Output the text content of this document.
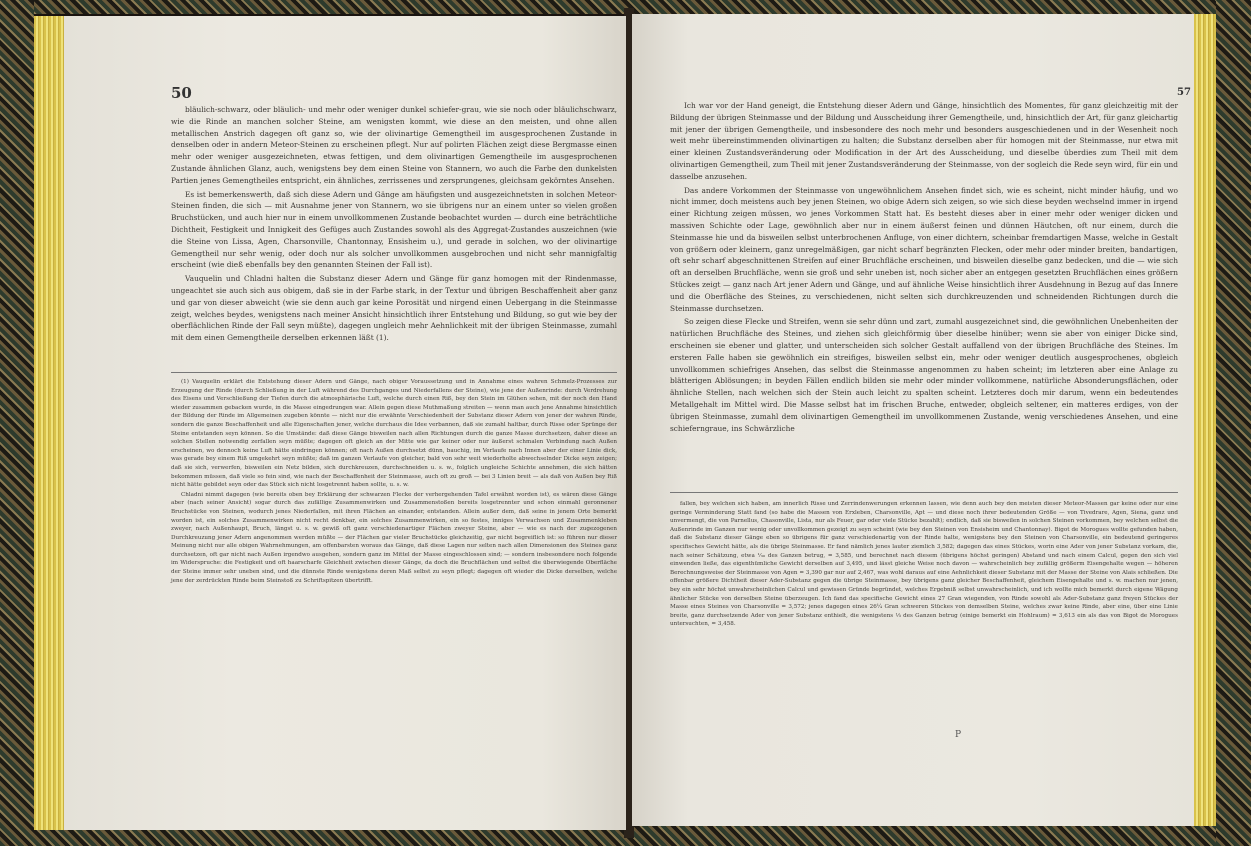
50

bläulich-schwarz, oder bläulich- und mehr oder weniger dunkel schiefer-grau, wie sie noch oder bläulichschwarz, wie die Rinde an manchen solcher Steine, am wenigsten kommt, wie diese an den meisten, und ohne allen metallischen Anstrich dagegen oft ganz so, wie der olivinartige Gemengtheil im ausgesprochenen Zustande in denselben oder in andern Meteor-Steinen zu erscheinen pflegt. Nur auf polirten Flächen zeigt diese Bergmasse einen mehr oder weniger ausgezeichneten, etwas fettigen, und dem olivinartigen Gemengtheile im ausgesprochenen Zustande ähnlichen Glanz, auch, wenigstens bey dem einen Steine von Stannern, wo auch die Farbe den dunkelsten Partien jenes Gemengtheiles entspricht, ein ähnliches, zerrissenes und zersprungenes, gleichsam gekörntes Ansehen.

Es ist bemerkenswerth, daß sich diese Adern und Gänge am häufigsten und ausgezeichnetsten in solchen Meteor-Steinen finden, die sich — mit Ausnahme jener von Stannern, wo sie übrigens nur an einem unter so vielen großen Bruchstücken, und auch hier nur in einem unvollkommenen Zustande beobachtet wurden — durch eine beträchtliche Dichtheit, Festigkeit und Innigkeit des Gefüges auch Zustandes sowohl als des Aggregat-Zustandes auszeichnen (wie die Steine von Lissa, Agen, Charsonville, Chantonnay, Ensisheim u.), und gerade in solchen, wo der olivinartige Gemengtheil nur sehr wenig, oder doch nur als solcher unvollkommen ausgebrochen und nicht sehr mannigfaltig erscheint (wie dieß ebenfalls bey den genannten Steinen der Fall ist).

Vauquelin und Chladni halten die Substanz dieser Adern und Gänge für ganz homogen mit der Rindenmasse, ungeachtet sie auch sich aus obigem, daß sie in der Farbe stark, in der Textur und übrigen Beschaffenheit aber ganz und gar von dieser abweicht (wie sie denn auch gar keine Porosität und nirgend einen Uebergang in die Steinmasse zeigt, welches beydes, wenigstens nach meiner Ansicht hinsichtlich ihrer Entstehung und Bildung, so gut wie bey der oberflächlichen Rinde der Fall seyn müßte), dagegen ungleich mehr Aehnlichkeit mit der übrigen Steinmasse, zumahl mit dem einen Gemengtheile derselben erkennen läßt (1).

(1) Vauquelin erklärt die Entstehung dieser Adern und Gänge, nach obiger Voraussetzung und in Annahme eines wahren Schmelz-Prozesses zur Erzeugung der Rinde (durch Schließung in der Luft während des Durchganges und Niederfallens der Steine), wie jene der Außenrinde: durch Verdrehung des Eisens und Verschließung der Tiefen durch die atmosphärische Luft, welche durch einen Riß, bey den Stein im Glühen sehen, mit der noch den Hand wieder zusammen gebacken wurde, in die Masse eingedrungen war. Allein gegen diese Muthmaßung streiten — wenn man auch jene Annahme hinsichtlich der Bildung der Rinde im Allgemeinen zugeben könnte — nicht nur die erwähnte Verschiedenheit der Substanz dieser Adern von jener der wahren Rinde, sondern die ganze Beschaffenheit und alle Eigenschaften jener, welche durchaus die Idee verbannen, daß sie zumahl haltbar, durch Risse oder Sprünge der Steine entstanden seyn können. So die Umstände: daß diese Gänge bisweilen nach allen Richtungen durch die ganze Masse durchsetzen, daher diese an solchen Stellen notwendig zerfallen seyn müßte; dagegen oft gleich an der Mitte wie gar keiner oder nur äußerst schmalen Verbindung nach Außen erscheinen, wo dennoch keine Luft hätte eindringen können; oft nach Außen durchsetzt dünn, bauchig, im Verlaufe nach Innen aber der einer Linie dick, was gerade bey einem Riß umgekehrt seyn müßte; daß im ganzen Verlaufe von gleicher, bald von sehr weit wiederholte abwechselnder Dicke seyn zeigen; daß sie sich, verwerfen, bisweilen ein Netz bilden, sich durchkreuzen, durchschneiden u. s. w., folglich ungleiche Schichte annehmen, die sich hätten bekommen müssen, daß viele so fein sind, wie nach der Beschaffenheit der Steinmasse, auch oft zu groß — bei 3 Linien breit — als daß von Außen bey Riß nicht hätte gebildet seyn oder das Stück sich nicht losgetrennt haben sollte, u. s. w.

Chladni nimmt dagegen (wie bereits oben bey Erklärung der schwarzen Flecke der verhergehenden Tafel erwähnt worden ist), es wären diese Gänge aber (nach seiner Ansicht) sogar durch das zufällige Zusammenwirken und Zusammenstoßen bereits losgetrennter und schon einmahl geronnener Bruchstücke von Steinen, wodurch jenes Niederfallen, mit ihren Flächen an einander, entstanden. Allein außer dem, daß seine in jenem Orte bemerkt worden ist, ein solches Zusammenwirken nicht recht denkbar, ein solches Zusammenwirken, ein so festes, inniges Verwachsen und Zusammenkleben zweyer, nach Außenhaupt, Bruch, längst u. s. w. gewiß oft ganz verschiedenartiger Flächen zweyer Steine, aber — wie es nach der zugezogenen Durchkreuzung jener Adern angenommen werden müßte — der Flächen gar vieler Bruchstücke gleichzeitig, gar nicht begreiflich ist: so führen nur dieser Meinung nicht nur alle obigen Wahrnehmungen, am offenbarsten woraus das Gänge, daß diese Lagen nur selten nach allen Dimensionen des Steines ganz durchsetzen, oft gar nicht nach Außen irgendwo ausgehen, sondern ganz im Mittel der Masse eingeschlossen sind; — sondern insbesondere noch folgende im Widerspruche: die Festigkeit und oft haarscharfe Gleichheit zwischen dieser Gänge, da doch die Bruchflächen und selbst die überwiegende Oberfläche der Steine immer sehr uneben sind, und die dünnste Rinde wenigstens deren Maß selbst zu seyn pflegt; dagegen oft wieder die Dicke derselben, welche jene der zerdrückten Rinde beim Steinstoß zu Schriftspitzen übertrifft.

57

Ich war vor der Hand geneigt, die Entstehung dieser Adern und Gänge, hinsichtlich des Momentes, für ganz gleichzeitig mit der Bildung der übrigen Steinmasse und der Bildung und Ausscheidung ihrer Gemengtheile, und, hinsichtlich der Art, für ganz gleichartig mit jener der übrigen Gemengtheile, und insbesondere des noch mehr und besonders ausgeschiedenen und in der Wesenheit noch weit mehr übereinstimmenden olivinartigen zu halten; die Substanz derselben aber für homogen mit der Steinmasse, nur etwa mit einer kleinen Zustandsveränderung oder Modification in der Art des Ausscheidung, und dieselbe überdies zum Theil mit dem olivinartigen Gemengtheil, zum Theil mit jener Zustandsveränderung der Steinmasse, von der sogleich die Rede seyn wird, für ein und dasselbe anzusehen.

Das andere Vorkommen der Steinmasse von ungewöhnlichem Ansehen findet sich, wie es scheint, nicht minder häufig, und wo nicht immer, doch meistens auch bey jenen Steinen, wo obige Adern sich zeigen, so wie sich diese beyden wechselnd immer in irgend einer Richtung zeigen müssen, wo jenes Vorkommen Statt hat. Es besteht dieses aber in einer mehr oder weniger dicken und massiven Schichte oder Lage, gewöhnlich aber nur in einem äußerst feinen und dünnen Häutchen, oft nur einem, durch die Steinmasse hie und da bisweilen selbst unterbrochenen Anfluge, von einer dichtern, scheinbar fremdartigen Masse, welche in Gestalt von größern oder kleinern, ganz unregelmäßigen, gar nicht scharf begränzten Flecken, oder mehr oder minder breiten, bandartigen, oft sehr scharf abgeschnittenen Streifen auf einer Bruchfläche erscheinen, und bisweilen dieselbe ganz bedecken, und die — wie sich oft an derselben Bruchfläche, wenn sie groß und sehr uneben ist, noch sicher aber an entgegen gesetzten Bruchflächen eines größern Stückes zeigt — ganz nach Art jener Adern und Gänge, und auf ähnliche Weise hinsichtlich ihrer Ausdehnung in Bezug auf das Innere und die Oberfläche des Steines, zu verschiedenen, nicht selten sich durchkreuzenden und schneidenden Richtungen durch die Steinmasse durchsetzen.

So zeigen diese Flecke und Streifen, wenn sie sehr dünn und zart, zumahl ausgezeichnet sind, die gewöhnlichen Unebenheiten der natürlichen Bruchfläche des Steines, und ziehen sich gleichförmig über dieselbe hinüber; wenn sie aber von einiger Dicke sind, erscheinen sie ebener und glatter, und unterscheiden sich solcher Gestalt auffallend von der übrigen Bruchfläche des Steines. Im ersteren Falle haben sie gewöhnlich ein streifiges, bisweilen selbst ein, mehr oder weniger deutlich ausgesprochenes, obgleich unvollkommen schiefriges Ansehen, das selbst die Steinmasse angenommen zu haben scheint; im letzteren aber eine Anlage zu blätterigen Ablösungen; in beyden Fällen endlich bilden sie mehr oder minder vollkommene, natürliche Absonderungsflächen, oder ähnliche Stellen, nach welchen sich der Stein auch leicht zu spalten scheint. Letzteres doch mir darum, wenn ein bedeutendes Metallgehalt im Mittel wird. Die Masse selbst hat im frischen Bruche, entweder, obgleich seltener, ein matteres erdiges, von der übrigen Steinmasse, zumahl dem olivinartigen Gemengtheil im unvollkommenen Zustande, wenig verschiedenes Ansehen, und eine schieferngraue, ins Schwärzliche

fallen, bey welchen sich haben, am innerlich Risse und Zerrindenwerungen erkennen lassen, wie denn auch bey den meisten dieser Meteor-Massen gar keine oder nur eine geringe Verminderung Statt fand (so habe die Massen von Erxleben, Charsonville, Apt — und diese noch ihrer bedeutenden Größe — von Tivedrare, Agen, Siena, ganz und unvermengt, die von Parnellus, Chasonville, Lista, nur als Feuer, gar oder viele Stücke bezahlt); endlich, daß sie bisweilen in solchen Steinen vorkommen, bey welchen selbst die Außenrinde im Ganzen nur wenig oder unvollkommen gezeigt zu seyn scheint (wie bey den Steinen von Ensisheim und Chantonnay). Bigot de Morogues wollte gefunden haben, daß die Substanz dieser Gänge eben so übrigens für ganz verschiedenartig von der Rinde halte, wenigstens bey den Steinen von Charsonville, ein bedeutend geringeres specifisches Gewicht hätte, als die übrige Steinmasse. Er fand nämlich jenes lauter ziemlich 3,582; dagegen das eines Stückes, worin eine Ader von jener Substanz vorkam, die, nach seiner Schätzung, etwa ¹⁄₃₀ des Ganzen betrug, = 3,585, und berechnet nach diesem (übrigens höchst geringen) Abstand und nach einem Calcul, gegen den sich viel einwenden ließe, das eigenthümliche Gewicht derselben auf 3,495, und lässt gleiche Weise noch davon — wahrscheinlich bey zufällig größerm Eisengehalte wegen — höheren Berechnungsweise der Steinmasse von Agen = 3,390 gar nur auf 2,467, was wohl daraus auf eine Aehnlichkeit dieser Substanz mit der Masse der Steine von Alais schließen. Die offenbar größere Dichtheit dieser Ader-Substanz gegen die übrige Steinmasse, bey übrigens ganz gleicher Beschaffenheit, gleichem Eisengehalte und s. w. machen nur jenen, bey ein sehr höchst unwahrscheinlichen Calcul und gewissen Gründe begründet, welches Ergebniß selbst unwahrscheinlich, und ich wollte mich bemerkt durch eigene Wägung ähnlicher Stücke von derselben Steine überzeugen. Ich fand das specifische Gewicht eines 27 Gran wiegenden, von Rinde sowohl als Ader-Substanz ganz freyen Stückes der Masse eines Steines von Charsonville = 3,572; jenes dagegen eines 26¼ Gran schweren Stückes von demselben Steine, welches zwar keine Rinde, aber eine, über eine Linie breite, ganz durchsetzende Ader von jener Substanz enthielt, die wenigstens ⅓ des Ganzen betrug (einige bemerkt ein Hohlraum) = 3,613 ein als das von Bigot de Morogues untersuchten, = 3,458.

P
